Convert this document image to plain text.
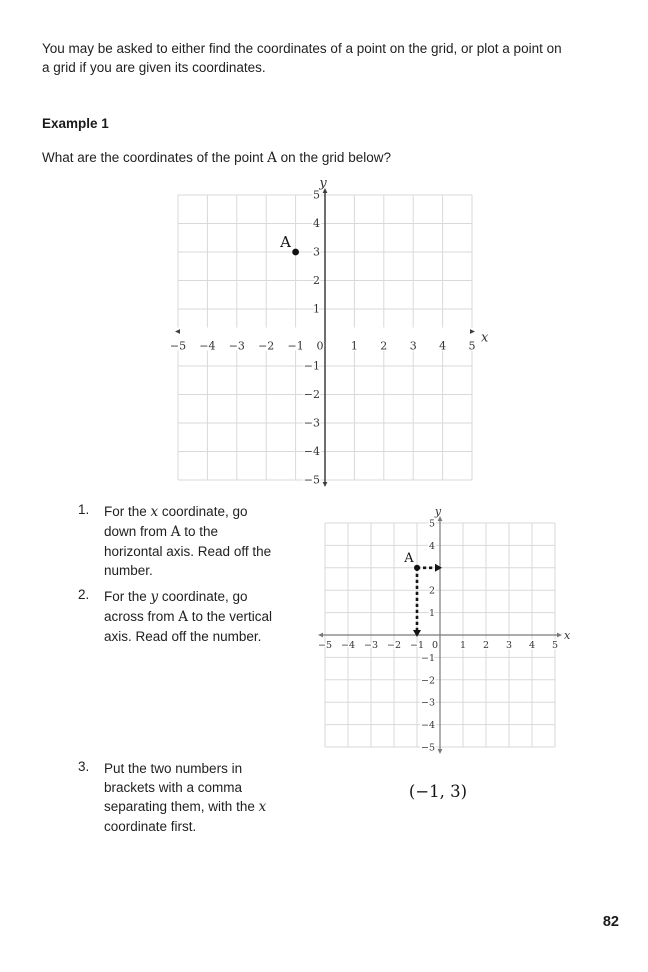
You may be asked to either find the coordinates of a point on the grid, or plot a point on
a grid if you are given its coordinates.
Example 1
What are the coordinates of the point A on the grid below?
−5 −4 −3 −2 −1 0 1 2 3 4 5
5
4
3
2
1
−1
−2
−3
−4
−5
y
x
A
1. For the x coordinate, go
down from A to the
horizontal axis. Read off the
number.
2. For the y coordinate, go
across from A to the vertical
axis. Read off the number.
−5 −4 −3 −2 −1 0 1 2 3 4 5
5
4
2
1
−1
−2
−3
−4
−5
y
x
A
3. Put the two numbers in
brackets with a comma
separating them, with the x
coordinate first.
(−1, 3)
82
